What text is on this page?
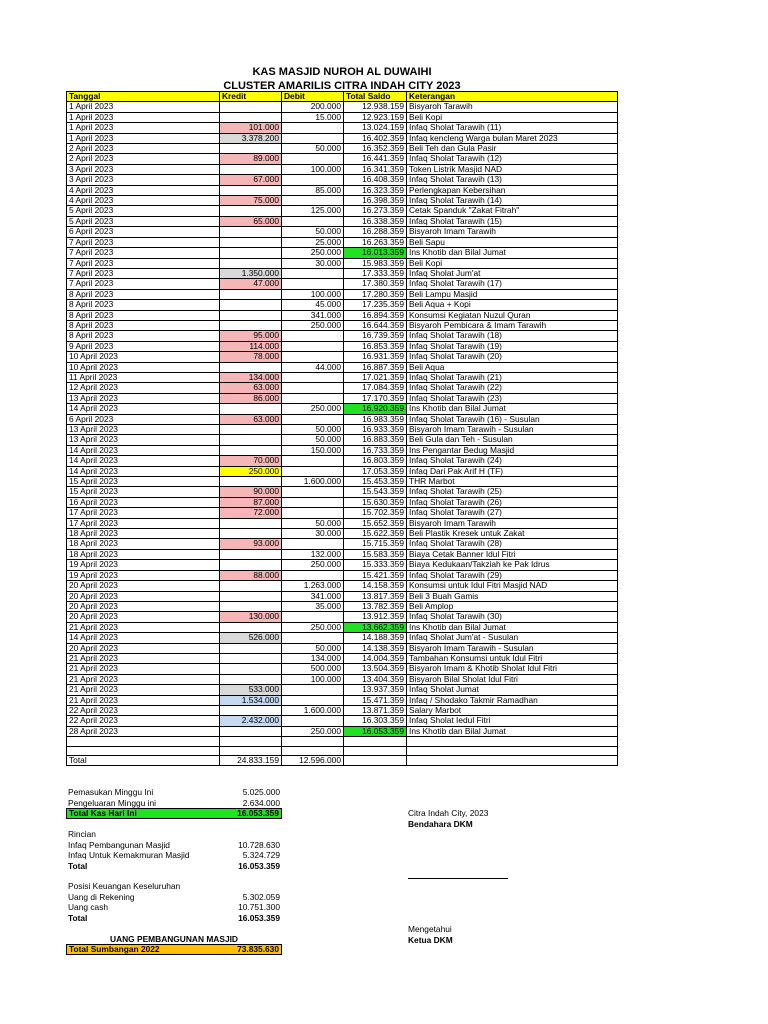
KAS MASJID NUROH AL DUWAIHI
CLUSTER AMARILIS CITRA INDAH CITY 2023
Tanggal	Kredit	Debit	Total Saldo	Keterangan
1 April 2023		200.000	12.938.159	Bisyaroh Tarawih
1 April 2023		15.000	12.923.159	Beli Kopi
1 April 2023	101.000		13.024.159	Infaq Sholat Tarawih (11)
1 April 2023	3.378.200		16.402.359	Infaq kencleng Warga bulan Maret 2023
2 April 2023		50.000	16.352.359	Beli Teh dan Gula Pasir
2 April 2023	89.000		16.441.359	Infaq Sholat Tarawih (12)
3 April 2023		100.000	16.341.359	Token Listrik Masjid NAD
3 April 2023	67.000		16.408.359	Infaq Sholat Tarawih (13)
4 April 2023		85.000	16.323.359	Perlengkapan Kebersihan
4 April 2023	75.000		16.398.359	Infaq Sholat Tarawih (14)
5 April 2023		125.000	16.273.359	Cetak Spanduk "Zakat Fitrah"
5 April 2023	65.000		16.338.359	Infaq Sholat Tarawih (15)
6 April 2023		50.000	16.288.359	Bisyaroh Imam Tarawih
7 April 2023		25.000	16.263.359	Beli Sapu
7 April 2023		250.000	16.013.359	Ins Khotib dan Bilal Jumat
7 April 2023		30.000	15.983.359	Beli Kopi
7 April 2023	1.350.000		17.333.359	Infaq Sholat Jum'at
7 April 2023	47.000		17.380.359	Infaq Sholat Tarawih (17)
8 April 2023		100.000	17.280.359	Beli Lampu Masjid
8 April 2023		45.000	17.235.359	Beli Aqua + Kopi
8 April 2023		341.000	16.894.359	Konsumsi Kegiatan Nuzul Quran
8 April 2023		250.000	16.644.359	Bisyaroh Pembicara & Imam Tarawih
8 April 2023	95.000		16.739.359	Infaq Sholat Tarawih (18)
9 April 2023	114.000		16.853.359	Infaq Sholat Tarawih (19)
10 April 2023	78.000		16.931.359	Infaq Sholat Tarawih (20)
10 April 2023		44.000	16.887.359	Beli Aqua
11 April 2023	134.000		17.021.359	Infaq Sholat Tarawih (21)
12 April 2023	63.000		17.084.359	Infaq Sholat Tarawih (22)
13 April 2023	86.000		17.170.359	Infaq Sholat Tarawih (23)
14 April 2023		250.000	16.920.359	Ins Khotib dan Bilal Jumat
6 April 2023	63.000		16.983.359	Infaq Sholat Tarawih (16) - Susulan
13 April 2023		50.000	16.933.359	Bisyaroh Imam Tarawih - Susulan
13 April 2023		50.000	16.883.359	Beli Gula dan Teh - Susulan
14 April 2023		150.000	16.733.359	Ins Pengantar Bedug Masjid
14 April 2023	70.000		16.803.359	Infaq Sholat Tarawih (24)
14 April 2023	250.000		17.053.359	Infaq Dari Pak Arif H (TF)
15 April 2023		1.600.000	15.453.359	THR Marbot
15 April 2023	90.000		15.543.359	Infaq Sholat Tarawih (25)
16 April 2023	87.000		15.630.359	Infaq Sholat Tarawih (26)
17 April 2023	72.000		15.702.359	Infaq Sholat Tarawih (27)
17 April 2023		50.000	15.652.359	Bisyaroh Imam Tarawih
18 April 2023		30.000	15.622.359	Beli Plastik Kresek untuk Zakat
18 April 2023	93.000		15.715.359	Infaq Sholat Tarawih (28)
18 April 2023		132.000	15.583.359	Biaya Cetak Banner Idul Fitri
19 April 2023		250.000	15.333.359	Biaya Kedukaan/Takziah ke Pak Idrus
19 April 2023	88.000		15.421.359	Infaq Sholat Tarawih (29)
20 April 2023		1.263.000	14.158.359	Konsumsi untuk Idul Fitri Masjid NAD
20 April 2023		341.000	13.817.359	Beli 3 Buah Gamis
20 April 2023		35.000	13.782.359	Beli Amplop
20 April 2023	130.000		13.912.359	Infaq Sholat Tarawih (30)
21 April 2023		250.000	13.662.359	Ins Khotib dan Bilal Jumat
14 April 2023	526.000		14.188.359	Infaq Sholat Jum'at - Susulan
20 April 2023		50.000	14.138.359	Bisyaroh Imam Tarawih - Susulan
21 April 2023		134.000	14.004.359	Tambahan Konsumsi untuk Idul Fitri
21 April 2023		500.000	13.504.359	Bisyaroh Imam & Khotib Sholat Idul Fitri
21 April 2023		100.000	13.404.359	Bisyaroh Bilal Sholat Idul Fitri
21 April 2023	533.000		13.937.359	Infaq Sholat Jumat
21 April 2023	1.534.000		15.471.359	Infaq / Shodako Takmir Ramadhan
22 April 2023		1.600.000	13.871.359	Salary Marbot
22 April 2023	2.432.000		16.303.359	Infaq Sholat Iedul Fitri
28 April 2023		250.000	16.053.359	Ins Khotib dan Bilal Jumat

Total	24.833.159	12.596.000		
Pemasukan Minggu Ini	5.025.000
Pengeluaran Minggu ini	2.634.000
Total Kas Hari Ini	16.053.359
Rincian
Infaq Pembangunan Masjid	10.728.630
Infaq Untuk Kemakmuran Masjid	5.324.729
Total	16.053.359
Posisi Keuangan Keseluruhan
Uang di Rekening	5.302.059
Uang cash	10.751.300
Total	16.053.359
UANG PEMBANGUNAN MASJID
Total Sumbangan 2022	73.835.630
Citra Indah City, 2023
Bendahara DKM
Mengetahui
Ketua DKM
